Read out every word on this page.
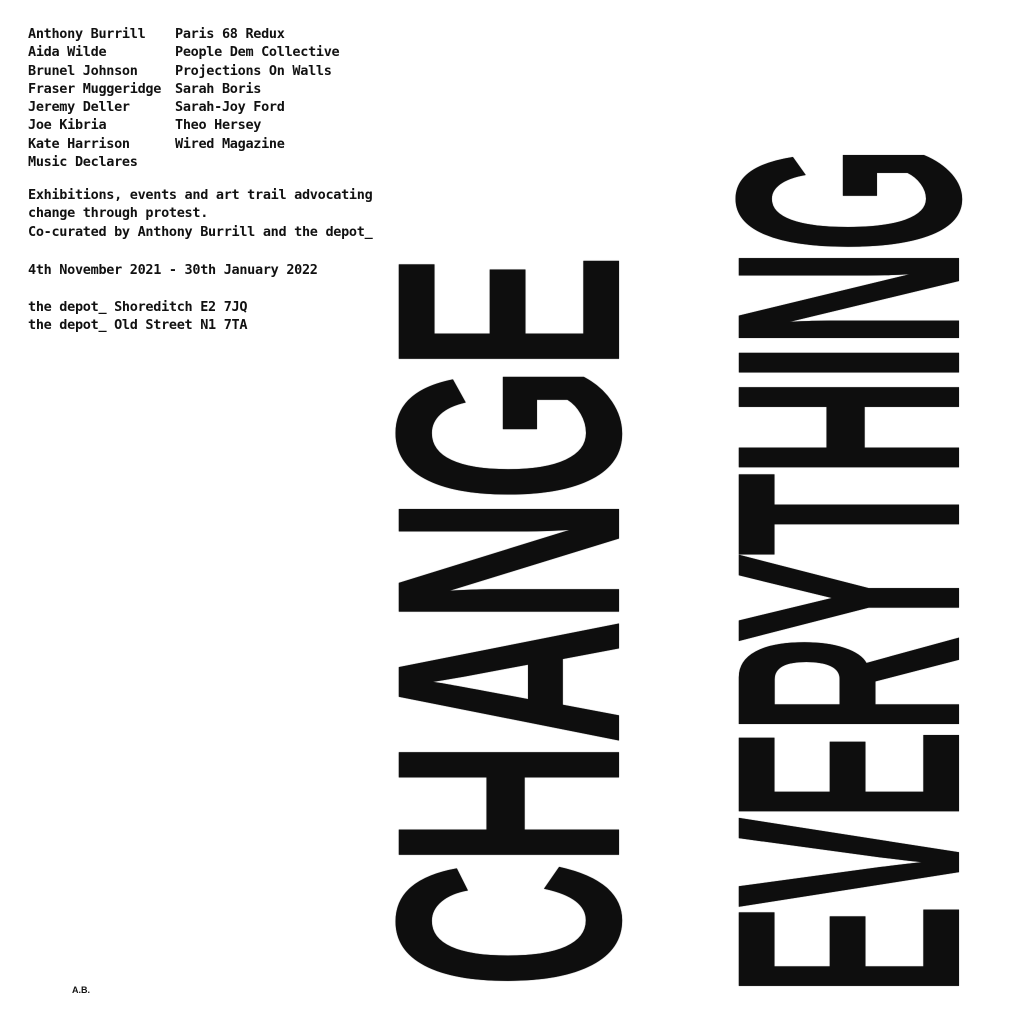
Anthony Burrill
Aida Wilde
Brunel Johnson
Fraser Muggeridge
Jeremy Deller
Joe Kibria
Kate Harrison
Music Declares
Paris 68 Redux
People Dem Collective
Projections On Walls
Sarah Boris
Sarah-Joy Ford
Theo Hersey
Wired Magazine
Exhibitions, events and art trail advocating
change through protest.
Co-curated by Anthony Burrill and the depot_
4th November 2021 - 30th January 2022
the depot_ Shoreditch E2 7JQ
the depot_ Old Street N1 7TA CHANGE
EVERYTHING
A.B.
